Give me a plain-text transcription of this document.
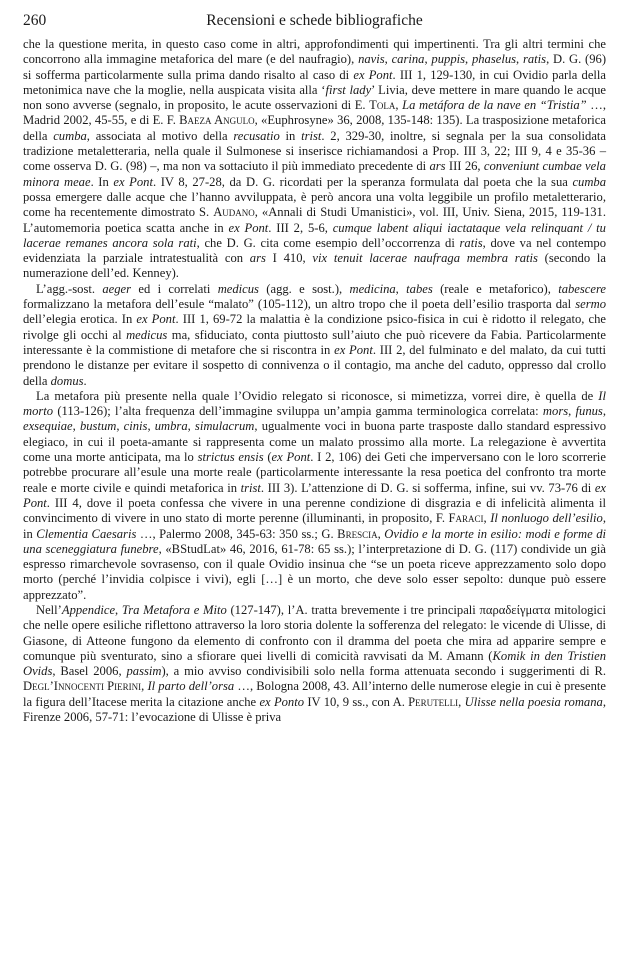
260	Recensioni e schede bibliografiche

che la questione merita, in questo caso come in altri, approfondimenti qui impertinenti. Tra gli altri termini che concorrono alla immagine metaforica del mare (e del naufragio), navis, carina, puppis, phaselus, ratis, D. G. (96) si sofferma particolarmente sulla prima dando risalto al caso di ex Pont. III 1, 129-130, in cui Ovidio parla della metonimica nave che la moglie, nella auspicata visita alla ‘first lady’ Livia, deve mettere in mare quando le acque non sono avverse (segnalo, in proposito, le acute osservazioni di E. Tola, La metáfora de la nave en “Tristia” …, Madrid 2002, 45-55, e di E. F. Baeza Angulo, «Euphrosyne» 36, 2008, 135-148: 135). La trasposizione metaforica della cumba, associata al motivo della recusatio in trist. 2, 329-30, inoltre, si segnala per la sua consolidata tradizione metaletteraria, nella quale il Sulmonese si inserisce richiamandosi a Prop. III 3, 22; III 9, 4 e 35-36 – come osserva D. G. (98) –, ma non va sottaciuto il più immediato precedente di ars III 26, conveniunt cumbae vela minora meae. In ex Pont. IV 8, 27-28, da D. G. ricordati per la speranza formulata dal poeta che la sua cumba possa emergere dalle acque che l’hanno avviluppata, è però ancora una volta leggibile un profilo metaletterario, come ha recentemente dimostrato S. Audano, «Annali di Studi Umanistici», vol. III, Univ. Siena, 2015, 119-131. L’automemoria poetica scatta anche in ex Pont. III 2, 5-6, cumque labent aliqui iactataque vela relinquant / tu lacerae remanes ancora sola rati, che D. G. cita come esempio dell’occorrenza di ratis, dove va nel contempo evidenziata la parziale intratestualità con ars I 410, vix tenuit lacerae naufraga membra ratis (secondo la numerazione dell’ed. Kenney).

L’agg.-sost. aeger ed i correlati medicus (agg. e sost.), medicina, tabes (reale e metaforico), tabescere formalizzano la metafora dell’esule “malato” (105-112), un altro tropo che il poeta dell’esilio trasporta dal sermo dell’elegia erotica. In ex Pont. III 1, 69-72 la malattia è la condizione psico-fisica in cui è ridotto il relegato, che rivolge gli occhi al medicus ma, sfiduciato, conta piuttosto sull’aiuto che può ricevere da Fabia. Particolarmente interessante è la commistione di metafore che si riscontra in ex Pont. III 2, del fulminato e del malato, da cui tutti prendono le distanze per evitare il sospetto di connivenza o il contagio, ma anche del caduto, oppresso dal crollo della domus.

La metafora più presente nella quale l’Ovidio relegato si riconosce, si mimetizza, vorrei dire, è quella de Il morto (113-126); l’alta frequenza dell’immagine sviluppa un’ampia gamma terminologica correlata: mors, funus, exsequiae, bustum, cinis, umbra, simulacrum, ugualmente voci in buona parte trasposte dallo standard espressivo elegiaco, in cui il poeta-amante si rappresenta come un malato prossimo alla morte. La relegazione è avvertita come una morte anticipata, ma lo strictus ensis (ex Pont. I 2, 106) dei Geti che imperversano con le loro scorrerie potrebbe procurare all’esule una morte reale (particolarmente interessante la resa poetica del confronto tra morte reale e morte civile e quindi metaforica in trist. III 3). L’attenzione di D. G. si sofferma, infine, sui vv. 73-76 di ex Pont. III 4, dove il poeta confessa che vivere in una perenne condizione di disgrazia e di infelicità alimenta il convincimento di vivere in uno stato di morte perenne (illuminanti, in proposito, F. Faraci, Il nonluogo dell’esilio, in Clementia Caesaris …, Palermo 2008, 345-63: 350 ss.; G. Brescia, Ovidio e la morte in esilio: modi e forme di una sceneggiatura funebre, «BStudLat» 46, 2016, 61-78: 65 ss.); l’interpretazione di D. G. (117) condivide un già espresso rimarchevole sovrasenso, con il quale Ovidio insinua che “se un poeta riceve apprezzamento solo dopo morto (perché l’invidia colpisce i vivi), egli […] è un morto, che deve solo esser sepolto: dunque può essere apprezzato”.

Nell’Appendice, Tra Metafora e Mito (127-147), l’A. tratta brevemente i tre principali παραδείγματα mitologici che nelle opere esiliche riflettono attraverso la loro storia dolente la sofferenza del relegato: le vicende di Ulisse, di Giasone, di Atteone fungono da elemento di confronto con il dramma del poeta che mira ad apparire sempre e comunque più sventurato, sino a sfiorare quei livelli di comicità ravvisati da M. Amann (Komik in den Tristien Ovids, Basel 2006, passim), a mio avviso condivisibili solo nella forma attenuata secondo i suggerimenti di R. Degl’Innocenti Pierini, Il parto dell’orsa …, Bologna 2008, 43. All’interno delle numerose elegie in cui è presente la figura dell’Itacese merita la citazione anche ex Ponto IV 10, 9 ss., con A. Perutelli, Ulisse nella poesia romana, Firenze 2006, 57-71: l’evocazione di Ulisse è priva
